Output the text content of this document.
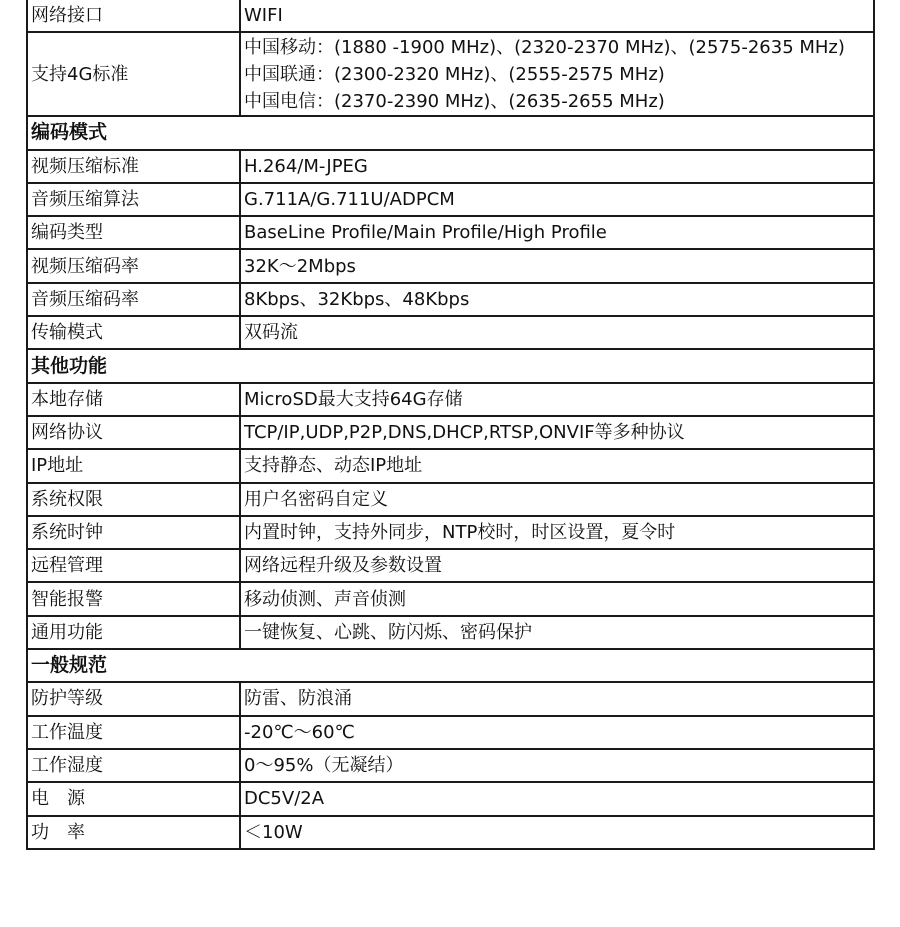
网络接口	WIFI
支持4G标准	中国移动：(1880 -1900 MHz)、(2320-2370 MHz)、(2575-2635 MHz)
中国联通：(2300-2320 MHz)、(2555-2575 MHz)
中国电信：(2370-2390 MHz)、(2635-2655 MHz)

编码模式	
视频压缩标准	H.264/M-JPEG
音频压缩算法	G.711A/G.711U/ADPCM
编码类型	BaseLine Profile/Main Profile/High Profile
视频压缩码率	32K～2Mbps
音频压缩码率	8Kbps、32Kbps、48Kbps
传输模式	双码流
其他功能	
本地存储	MicroSD最大支持64G存储
网络协议	TCP/IP,UDP,P2P,DNS,DHCP,RTSP,ONVIF等多种协议
IP地址	支持静态、动态IP地址
系统权限	用户名密码自定义
系统时钟	内置时钟，支持外同步，NTP校时，时区设置，夏令时
远程管理	网络远程升级及参数设置
智能报警	移动侦测、声音侦测
通用功能	一键恢复、心跳、防闪烁、密码保护
一般规范	
防护等级	防雷、防浪涌
工作温度	-20℃～60℃
工作湿度	0～95%（无凝结）
电　源	DC5V/2A
功　率	＜10W
